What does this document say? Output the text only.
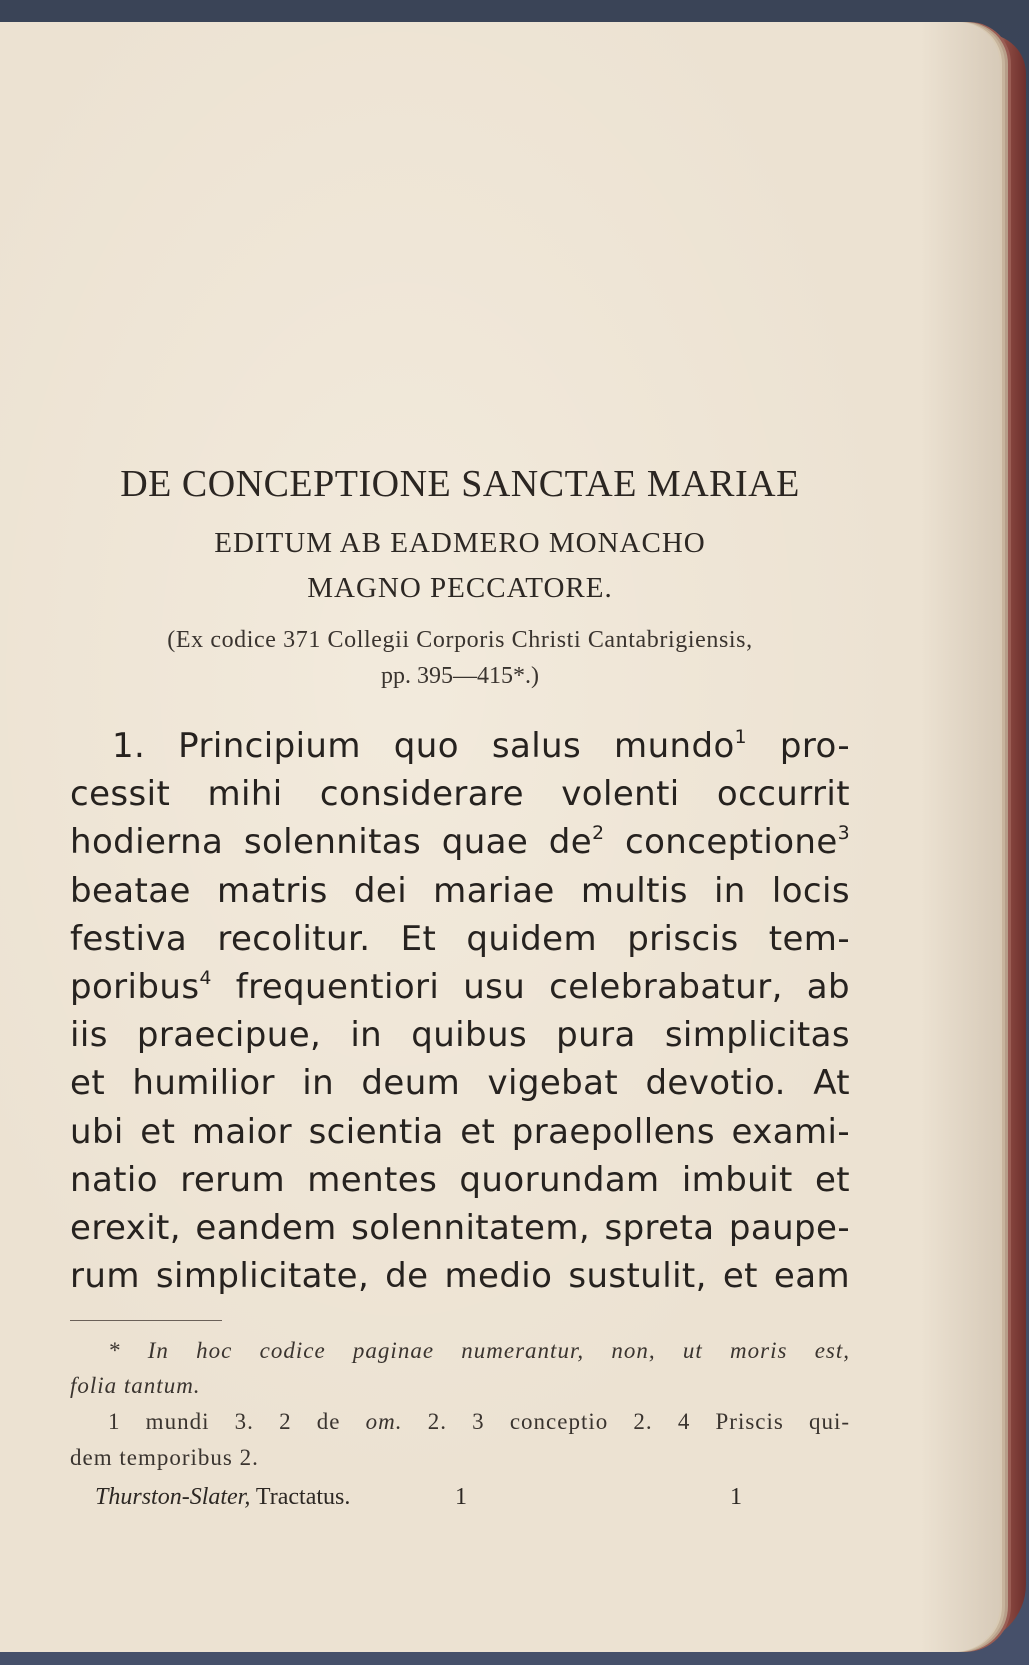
DE CONCEPTIONE SANCTAE MARIAE
EDITUM AB EADMERO MONACHO
MAGNO PECCATORE.
(Ex codice 371 Collegii Corporis Christi Cantabrigiensis,
pp. 395—415*.)
1. Principium quo salus mundo$^1$ pro-
cessit mihi considerare volenti occurrit
hodierna solennitas quae $de^2$ conceptione$^3$
beatae matris dei mariae multis in locis
festiva recolitur. Et quidem priscis tem-
poribus$^4$ frequentiori usu celebrabatur, ab
iis praecipue, in quibus pura simplicitas
et humilior in deum vigebat devotio. At
ubi et maior scientia et praepollens exami-
natio rerum mentes quorundam imbuit et
erexit, eandem solennitatem, spreta paupe-
rum simplicitate, de medio sustulit, et eam
* In hoc codice paginae numerantur, non, ut moris est,
folia tantum.
1 mundi 3. 2 de om. 2. 3 conceptio 2. 4 Priscis qui-
dem temporibus 2.
Thurston-Slater, Tractatus.	1	1
